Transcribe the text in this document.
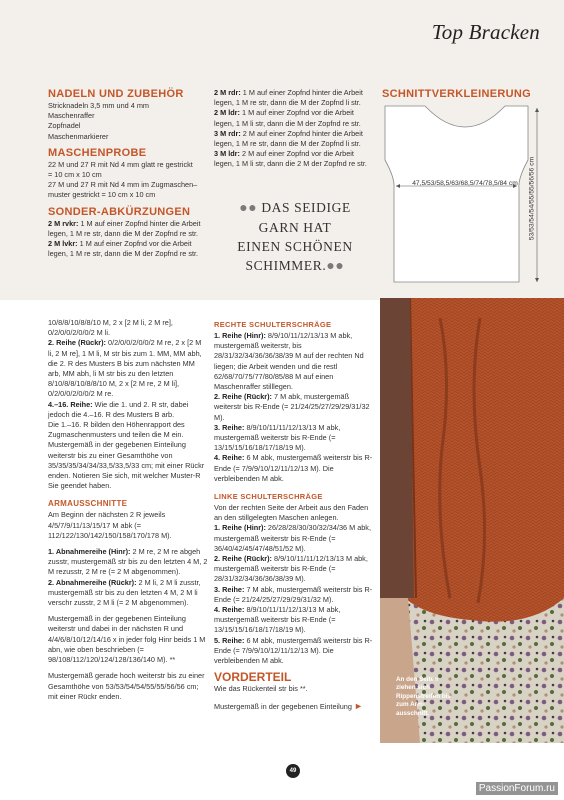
Top Bracken
NADELN UND ZUBEHÖR
Stricknadeln 3,5 mm und 4 mm
Maschenraffer
Zopfnadel
Maschenmarkierer
MASCHENPROBE
22 M und 27 R mit Nd 4 mm glatt re gestrickt
= 10 cm x 10 cm
27 M und 27 R mit Nd 4 mm im Zugmaschen–
muster gestrickt = 10 cm x 10 cm
SONDER-ABKÜRZUNGEN
2 M rvkr: 1 M auf einer Zopfnd hinter die Arbeit legen, 1 M re str, dann die M der Zopfnd re str.
2 M lvkr: 1 M auf einer Zopfnd vor die Arbeit legen, 1 M re str, dann die M der Zopfnd re str.
2 M rdr: 1 M auf einer Zopfnd hinter die Arbeit legen, 1 M re str, dann die M der Zopfnd li str.
2 M ldr: 1 M auf einer Zopfnd vor die Arbeit legen, 1 M li str, dann die M der Zopfnd re str.
3 M rdr: 2 M auf einer Zopfnd hinter die Arbeit legen, 1 M re str, dann die M der Zopfnd li str.
3 M ldr: 2 M auf einer Zopfnd vor die Arbeit legen, 1 M li str, dann die 2 M der Zopfnd re str.
●● DAS SEIDIGE
GARN HAT
EINEN SCHÖNEN
SCHIMMER.●●
SCHNITTVERKLEINERUNG
47,5/53/58,5/63/68,5/74/78,5/84 cm	53/53/54/54/55/55/56/56 cm
10/8/8/10/8/8/10 M, 2 x [2 M li, 2 M re], 0/2/0/0/2/0/0/2 M li.
2. Reihe (Rückr): 0/2/0/0/2/0/0/2 M re, 2 x [2 M li, 2 M re], 1 M li, M str bis zum 1. MM, MM abh, die 2. R des Musters B bis zum nächsten MM arb, MM abh, li M str bis zu den letzten 8/10/8/8/10/8/8/10 M, 2 x [2 M re, 2 M li], 0/2/0/0/2/0/0/2 M re.
4.–16. Reihe: Wie die 1. und 2. R str, dabei jedoch die 4.–16. R des Musters B arb.
Die 1.–16. R bilden den Höhenrapport des Zugmaschenmusters und teilen die M ein. Mustergemäß in der gegebenen Einteilung weiterstr bis zu einer Gesamthöhe von 35/35/35/34/34/33,5/33,5/33 cm; mit einer Rückr enden. Notieren Sie sich, mit welcher Muster-R Sie geendet haben.
ARMAUSSCHNITTE
Am Beginn der nächsten 2 R jeweils 4/5/7/9/11/13/15/17 M abk (= 112/122/130/142/150/158/170/178 M).
1. Abnahmereihe (Hinr): 2 M re, 2 M re abgeh zusstr, mustergemäß str bis zu den letzten 4 M, 2 M rezusstr, 2 M re (= 2 M abgenommen).
2. Abnahmereihe (Rückr): 2 M li, 2 M li zusstr, mustergemäß str bis zu den letzten 4 M, 2 M li verschr zusstr, 2 M li (= 2 M abgenommen).
Mustergemäß in der gegebenen Einteilung weiterstr und dabei in der nächsten R und 4/4/6/8/10/12/14/16 x in jeder folg Hinr beids 1 M abn, wie oben beschrieben (= 98/108/112/120/124/128/136/140 M). **
Mustergemäß gerade hoch weiterstr bis zu einer Gesamthöhe von 53/53/54/54/55/55/56/56 cm; mit einer Rückr enden.
RECHTE SCHULTERSCHRÄGE
1. Reihe (Hinr): 8/9/10/11/12/13/13 M abk, mustergemäß weiterstr, bis 28/31/32/34/36/36/38/39 M auf der rechten Nd liegen; die Arbeit wenden und die restl 62/68/70/75/77/80/85/88 M auf einen Maschenraffer stilllegen.
2. Reihe (Rückr): 7 M abk, mustergemäß weiterstr bis R-Ende (= 21/24/25/27/29/29/31/32 M).
3. Reihe: 8/9/10/11/11/12/13/13 M abk, mustergemäß weiterstr bis R-Ende (= 13/15/15/16/18/17/18/19 M).
4. Reihe: 6 M abk, mustergemäß weiterstr bis R-Ende (= 7/9/9/10/12/11/12/13 M). Die verbleibenden M abk.
LINKE SCHULTERSCHRÄGE
Von der rechten Seite der Arbeit aus den Faden an den stillgelegten Maschen anlegen.
1. Reihe (Hinr): 26/28/28/30/30/32/34/36 M abk, mustergemäß weiterstr bis R-Ende (= 36/40/42/45/47/48/51/52 M).
2. Reihe (Rückr): 8/9/10/11/11/12/13/13 M abk, mustergemäß weiterstr bis R-Ende (= 28/31/32/34/36/36/38/39 M).
3. Reihe: 7 M abk, mustergemäß weiterstr bis R-Ende (= 21/24/25/27/29/29/31/32 M).
4. Reihe: 8/9/10/11/11/12/13/13 M abk, mustergemäß weiterstr bis R-Ende (= 13/15/15/16/18/17/18/19 M).
5. Reihe: 6 M abk, mustergemäß weiterstr bis R-Ende (= 7/9/9/10/12/11/12/13 M). Die verbleibenden M abk.
VORDERTEIL
Wie das Rückenteil str bis **.
Mustergemäß in der gegebenen Einteilung ►
An den Seiten ziehen sich Rippenstreifen bis zum Arm-ausschnitt.
PassionForum.ru
49
